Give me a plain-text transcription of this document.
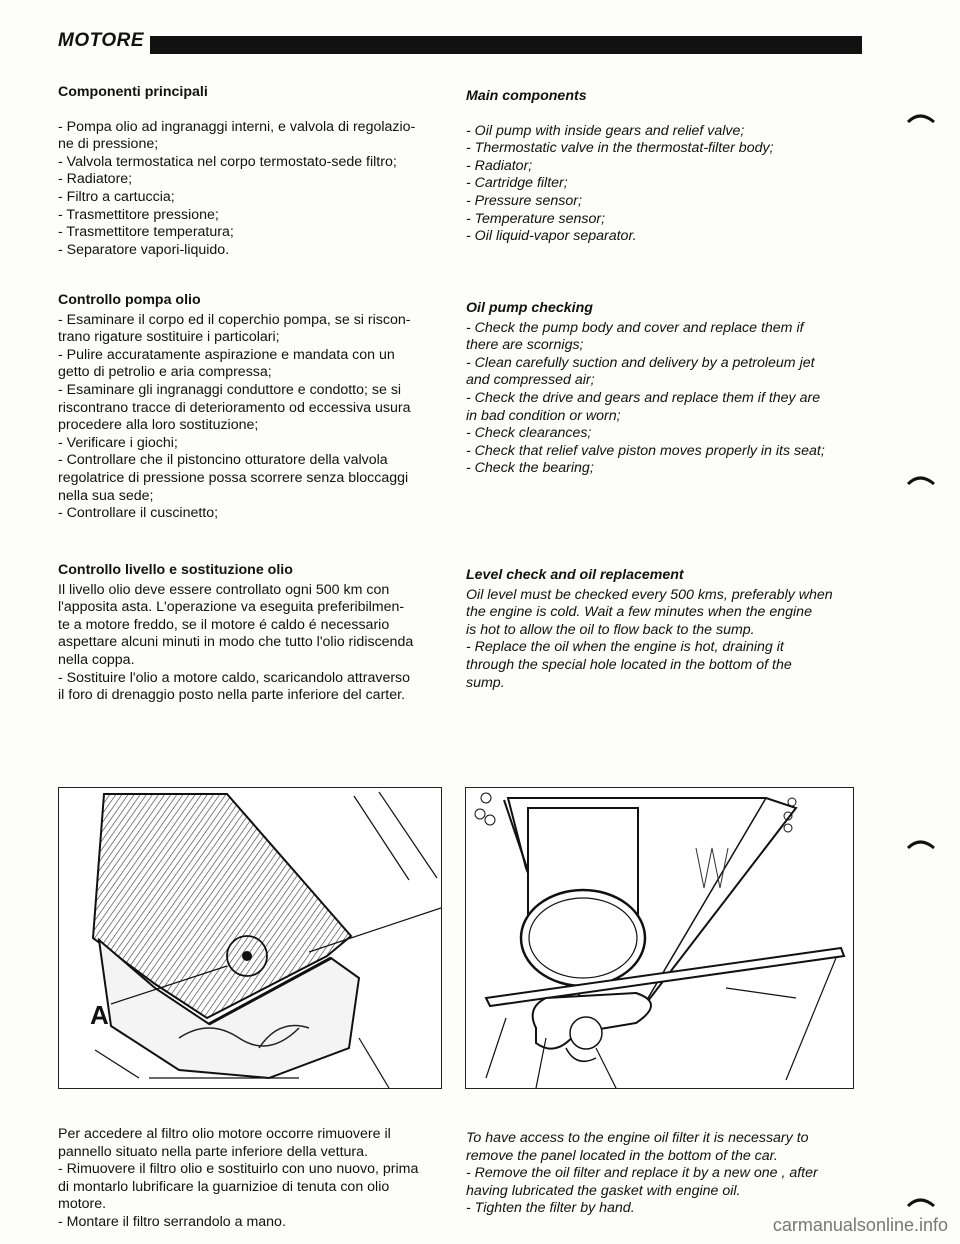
MOTORE
Componenti principali
- Pompa olio ad ingranaggi interni, e valvola di regolazio-
ne di pressione;
- Valvola termostatica nel corpo termostato-sede filtro;
- Radiatore;
- Filtro a cartuccia;
- Trasmettitore pressione;
- Trasmettitore temperatura;
- Separatore vapori-liquido.
Controllo pompa olio
- Esaminare il corpo ed il coperchio pompa, se si riscon-
trano rigature sostituire i particolari;
- Pulire accuratamente aspirazione e mandata con un
getto di petrolio e aria compressa;
- Esaminare gli ingranaggi conduttore e condotto; se si
riscontrano tracce di deterioramento od eccessiva usura
procedere alla loro sostituzione;
- Verificare i giochi;
- Controllare che il pistoncino otturatore della valvola
regolatrice di pressione possa scorrere senza bloccaggi
nella sua sede;
- Controllare il cuscinetto;
Controllo livello e sostituzione olio
Il livello olio deve essere controllato ogni 500 km con
l'apposita asta. L'operazione va eseguita preferibilmen-
te a motore freddo, se il motore é caldo é necessario
aspettare alcuni minuti in modo che tutto l'olio ridiscenda
nella coppa.
- Sostituire l'olio a motore caldo, scaricandolo attraverso
il foro di drenaggio posto nella parte inferiore del carter.
Per accedere al filtro olio motore occorre rimuovere il
pannello situato nella parte inferiore della vettura.
- Rimuovere il filtro olio e sostituirlo con uno nuovo, prima
di montarlo lubrificare la guarnizioe di tenuta con olio
motore.
- Montare il filtro serrandolo a mano.
Main components
- Oil pump with inside gears and relief valve;
- Thermostatic valve in the thermostat-filter body;
- Radiator;
- Cartridge filter;
- Pressure sensor;
- Temperature sensor;
- Oil liquid-vapor separator.
Oil pump checking
- Check the pump body and cover and replace them if
there are scornigs;
- Clean carefully suction and delivery by a petroleum jet
and compressed air;
- Check the drive and gears and replace them if they are
in bad condition or worn;
- Check clearances;
- Check that relief valve piston moves properly in its seat;
- Check the bearing;
Level check and oil replacement
Oil level must be checked every 500 kms, preferably when
the engine is cold. Wait a few minutes when the engine
is hot to allow the oil to flow back to the sump.
- Replace the oil when the engine is hot, draining it
through the special hole located in the bottom of the
sump.
To have access to the engine oil filter it is necessary to
remove the panel located in the bottom of the car.
- Remove the oil filter and replace it by a new one , after
having lubricated the gasket with engine oil.
- Tighten the filter by hand.
A
carmanualsonline.info
